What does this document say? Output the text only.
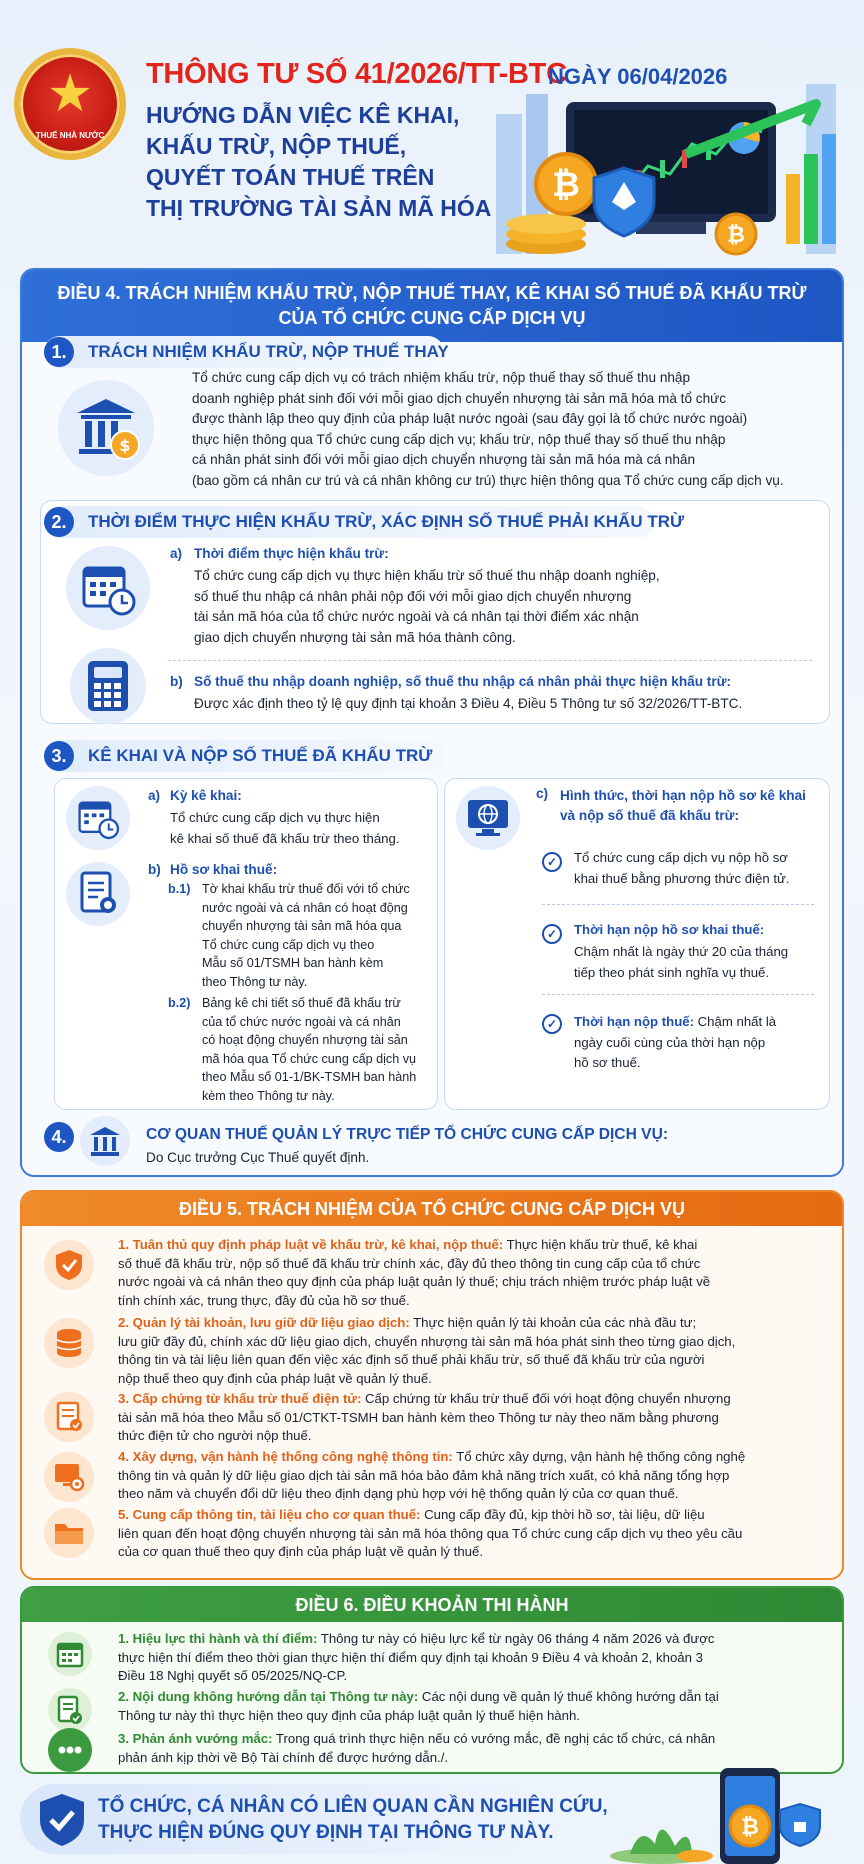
★
THUẾ NHÀ NƯỚC
THÔNG TƯ SỐ 41/2026/TT-BTC
NGÀY 06/04/2026
HƯỚNG DẪN VIỆC KÊ KHAI,
KHẤU TRỪ, NỘP THUẾ,
QUYẾT TOÁN THUẾ TRÊN
THỊ TRƯỜNG TÀI SẢN MÃ HÓA
₿
₿
ĐIỀU 4. TRÁCH NHIỆM KHẤU TRỪ, NỘP THUẾ THAY, KÊ KHAI SỐ THUẾ ĐÃ KHẤU TRỪ
CỦA TỔ CHỨC CUNG CẤP DỊCH VỤ
1.	TRÁCH NHIỆM KHẤU TRỪ, NỘP THUẾ THAY
$
Tổ chức cung cấp dịch vụ có trách nhiệm khấu trừ, nộp thuế thay số thuế thu nhập
doanh nghiệp phát sinh đối với mỗi giao dịch chuyển nhượng tài sản mã hóa mà tổ chức
được thành lập theo quy định của pháp luật nước ngoài (sau đây gọi là tổ chức nước ngoài)
thực hiện thông qua Tổ chức cung cấp dịch vụ; khấu trừ, nộp thuế thay số thuế thu nhập
cá nhân phát sinh đối với mỗi giao dịch chuyển nhượng tài sản mã hóa mà cá nhân
(bao gồm cá nhân cư trú và cá nhân không cư trú) thực hiện thông qua Tổ chức cung cấp dịch vụ.
2.	THỜI ĐIỂM THỰC HIỆN KHẤU TRỪ, XÁC ĐỊNH SỐ THUẾ PHẢI KHẤU TRỪ
a) Thời điểm thực hiện khấu trừ:
Tổ chức cung cấp dịch vụ thực hiện khấu trừ số thuế thu nhập doanh nghiệp,
số thuế thu nhập cá nhân phải nộp đối với mỗi giao dịch chuyển nhượng
tài sản mã hóa của tổ chức nước ngoài và cá nhân tại thời điểm xác nhận
giao dịch chuyển nhượng tài sản mã hóa thành công.
b) Số thuế thu nhập doanh nghiệp, số thuế thu nhập cá nhân phải thực hiện khấu trừ:
Được xác định theo tỷ lệ quy định tại khoản 3 Điều 4, Điều 5 Thông tư số 32/2026/TT-BTC.
3.	KÊ KHAI VÀ NỘP SỐ THUẾ ĐÃ KHẤU TRỪ
a) Kỳ kê khai:
Tổ chức cung cấp dịch vụ thực hiện
kê khai số thuế đã khấu trừ theo tháng.
b) Hồ sơ khai thuế:
b.1) Tờ khai khấu trừ thuế đối với tổ chức
nước ngoài và cá nhân có hoạt động
chuyển nhượng tài sản mã hóa qua
Tổ chức cung cấp dịch vụ theo
Mẫu số 01/TSMH ban hành kèm
theo Thông tư này.
b.2) Bảng kê chi tiết số thuế đã khấu trừ
của tổ chức nước ngoài và cá nhân
có hoạt động chuyển nhượng tài sản
mã hóa qua Tổ chức cung cấp dịch vụ
theo Mẫu số 01-1/BK-TSMH ban hành
kèm theo Thông tư này.
c) Hình thức, thời hạn nộp hồ sơ kê khai
và nộp số thuế đã khấu trừ:
✓	Tổ chức cung cấp dịch vụ nộp hồ sơ
khai thuế bằng phương thức điện tử.
✓	Thời hạn nộp hồ sơ khai thuế:
Chậm nhất là ngày thứ 20 của tháng
tiếp theo phát sinh nghĩa vụ thuế.
✓	Thời hạn nộp thuế: Chậm nhất là
ngày cuối cùng của thời hạn nộp
hồ sơ thuế.
4.	CƠ QUAN THUẾ QUẢN LÝ TRỰC TIẾP TỔ CHỨC CUNG CẤP DỊCH VỤ:
Do Cục trưởng Cục Thuế quyết định.
ĐIỀU 5. TRÁCH NHIỆM CỦA TỔ CHỨC CUNG CẤP DỊCH VỤ
1. Tuân thủ quy định pháp luật về khấu trừ, kê khai, nộp thuế: Thực hiện khấu trừ thuế, kê khai
số thuế đã khấu trừ, nộp số thuế đã khấu trừ chính xác, đầy đủ theo thông tin cung cấp của tổ chức
nước ngoài và cá nhân theo quy định của pháp luật quản lý thuế; chịu trách nhiệm trước pháp luật về
tính chính xác, trung thực, đầy đủ của hồ sơ thuế.
2. Quản lý tài khoản, lưu giữ dữ liệu giao dịch: Thực hiện quản lý tài khoản của các nhà đầu tư;
lưu giữ đầy đủ, chính xác dữ liệu giao dịch, chuyển nhượng tài sản mã hóa phát sinh theo từng giao dịch,
thông tin và tài liệu liên quan đến việc xác định số thuế phải khấu trừ, số thuế đã khấu trừ của người
nộp thuế theo quy định của pháp luật về quản lý thuế.
3. Cấp chứng từ khấu trừ thuế điện tử: Cấp chứng từ khấu trừ thuế đối với hoạt động chuyển nhượng
tài sản mã hóa theo Mẫu số 01/CTKT-TSMH ban hành kèm theo Thông tư này theo năm bằng phương
thức điện tử cho người nộp thuế.
4. Xây dựng, vận hành hệ thống công nghệ thông tin: Tổ chức xây dựng, vận hành hệ thống công nghệ
thông tin và quản lý dữ liệu giao dịch tài sản mã hóa bảo đảm khả năng trích xuất, có khả năng tổng hợp
theo năm và chuyển đổi dữ liệu theo định dạng phù hợp với hệ thống quản lý của cơ quan thuế.
5. Cung cấp thông tin, tài liệu cho cơ quan thuế: Cung cấp đầy đủ, kịp thời hồ sơ, tài liệu, dữ liệu
liên quan đến hoạt động chuyển nhượng tài sản mã hóa thông qua Tổ chức cung cấp dịch vụ theo yêu cầu
của cơ quan thuế theo quy định của pháp luật về quản lý thuế.
ĐIỀU 6. ĐIỀU KHOẢN THI HÀNH
1. Hiệu lực thi hành và thí điểm: Thông tư này có hiệu lực kể từ ngày 06 tháng 4 năm 2026 và được
thực hiện thí điểm theo thời gian thực hiện thí điểm quy định tại khoản 9 Điều 4 và khoản 2, khoản 3
Điều 18 Nghị quyết số 05/2025/NQ-CP.
2. Nội dung không hướng dẫn tại Thông tư này: Các nội dung về quản lý thuế không hướng dẫn tại
Thông tư này thì thực hiện theo quy định của pháp luật quản lý thuế hiện hành.
3. Phản ánh vướng mắc: Trong quá trình thực hiện nếu có vướng mắc, đề nghị các tổ chức, cá nhân
phản ánh kịp thời về Bộ Tài chính để được hướng dẫn./.
TỔ CHỨC, CÁ NHÂN CÓ LIÊN QUAN CẦN NGHIÊN CỨU,
THỰC HIỆN ĐÚNG QUY ĐỊNH TẠI THÔNG TƯ NÀY.	₿
